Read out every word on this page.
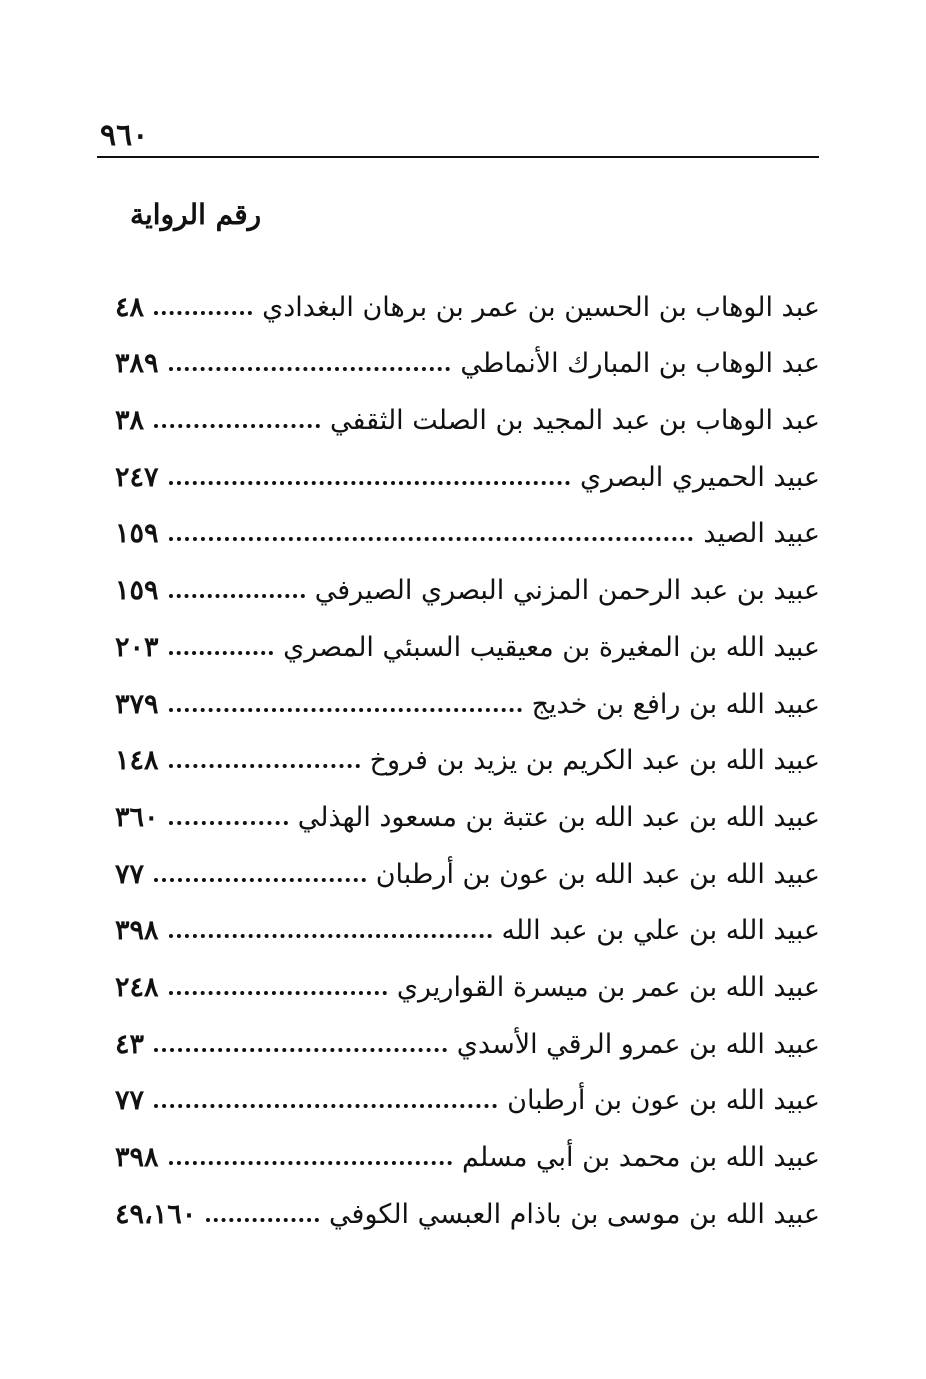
٩٦٠
رقم الرواية
عبد الوهاب بن الحسين بن عمر بن برهان البغدادي
٤٨
عبد الوهاب بن المبارك الأنماطي
٣٨٩
عبد الوهاب بن عبد المجيد بن الصلت الثقفي
٣٨
عبيد الحميري البصري
٢٤٧
عبيد الصيد
١٥٩
عبيد بن عبد الرحمن المزني البصري الصيرفي
١٥٩
عبيد الله بن المغيرة بن معيقيب السبئي المصري
٢٠٣
عبيد الله بن رافع بن خديج
٣٧٩
عبيد الله بن عبد الكريم بن يزيد بن فروخ
١٤٨
عبيد الله بن عبد الله بن عتبة بن مسعود الهذلي
٣٦٠
عبيد الله بن عبد الله بن عون بن أرطبان
٧٧
عبيد الله بن علي بن عبد الله
٣٩٨
عبيد الله بن عمر بن ميسرة القواريري
٢٤٨
عبيد الله بن عمرو الرقي الأسدي
٤٣
عبيد الله بن عون بن أرطبان
٧٧
عبيد الله بن محمد بن أبي مسلم
٣٩٨
عبيد الله بن موسى بن باذام العبسي الكوفي
٤٩،١٦٠
